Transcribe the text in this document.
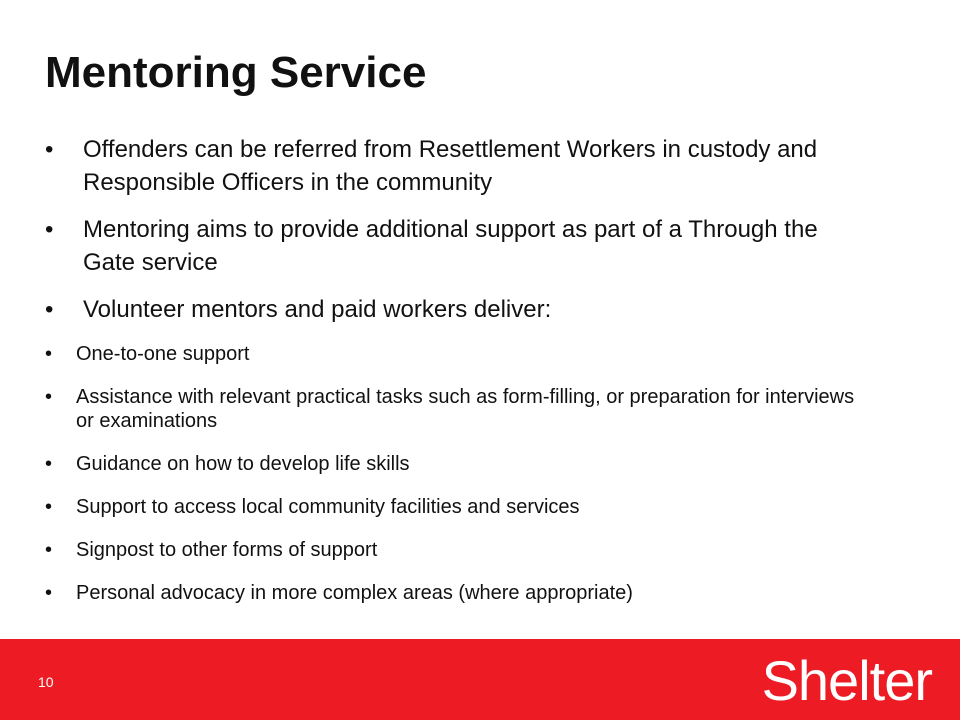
Mentoring Service
• Offenders can be referred from Resettlement Workers in custody and Responsible Officers in the community
• Mentoring aims to provide additional support as part of a Through the Gate service
• Volunteer mentors and paid workers deliver:
• One-to-one support
• Assistance with relevant practical tasks such as form-filling, or preparation for interviews or examinations
• Guidance on how to develop life skills
• Support to access local community facilities and services
• Signpost to other forms of support
• Personal advocacy in more complex areas (where appropriate)
10	Shelter
